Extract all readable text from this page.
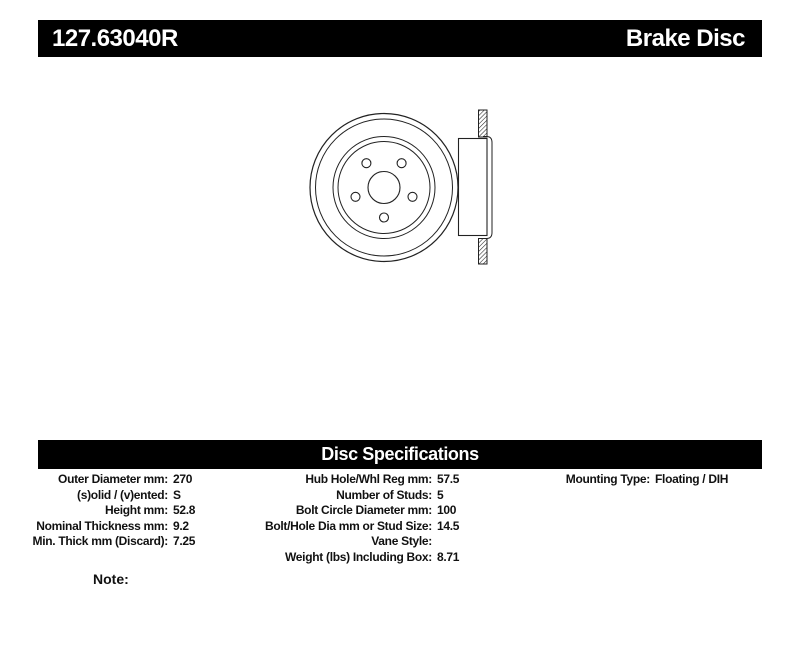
127.63040R	Brake Disc
Disc Specifications
Outer Diameter mm: 270
(s)olid / (v)ented: S
Height mm: 52.8
Nominal Thickness mm: 9.2
Min. Thick mm (Discard): 7.25
Hub Hole/Whl Reg mm: 57.5
Number of Studs: 5
Bolt Circle Diameter mm: 100
Bolt/Hole Dia mm or Stud Size: 14.5
Vane Style:
Weight (lbs) Including Box: 8.71
Mounting Type: Floating / DIH
Note:
